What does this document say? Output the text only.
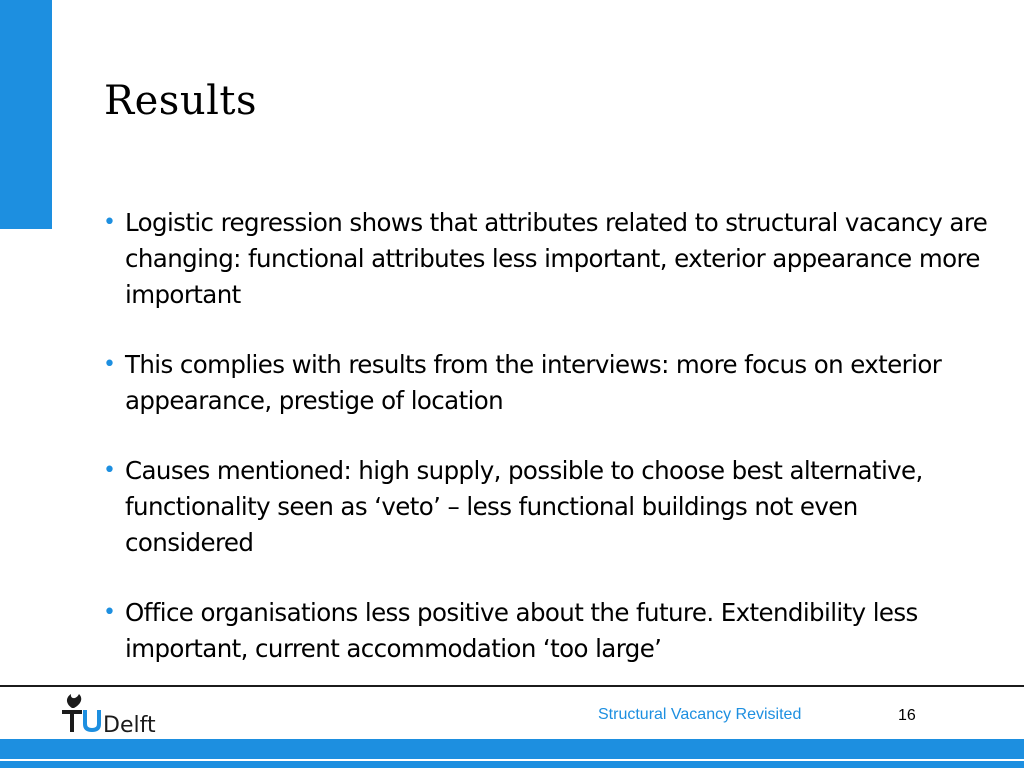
Results
• Logistic regression shows that attributes related to structural vacancy are changing: functional attributes less important, exterior appearance more important
• This complies with results from the interviews: more focus on exterior appearance, prestige of location
• Causes mentioned: high supply, possible to choose best alternative, functionality seen as ‘veto’ – less functional buildings not even considered
• Office organisations less positive about the future. Extendibility less important, current accommodation ‘too large’
Delft	Structural Vacancy Revisited	16
